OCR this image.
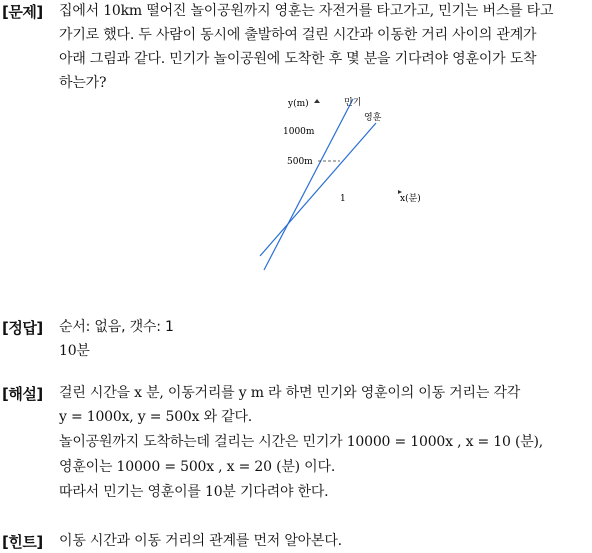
[문제] 집에서 10km 떨어진 놀이공원까지 영훈는 자전거를 타고가고, 민기는 버스를 타고
가기로 했다. 두 사람이 동시에 출발하여 걸린 시간과 이동한 거리 사이의 관계가
아래 그림과 같다. 민기가 놀이공원에 도착한 후 몇 분을 기다려야 영훈이가 도착
하는가?
y(m)	민기
영훈
1000m
500m
1	x(분)
[정답] 순서: 없음, 갯수: 1
10분
[해설] 걸린 시간을 x 분, 이동거리를 y m 라 하면 민기와 영훈이의 이동 거리는 각각
y = 1000x, y = 500x 와 같다.
놀이공원까지 도착하는데 걸리는 시간은 민기가 10000 = 1000x , x = 10 (분),
영훈이는 10000 = 500x , x = 20 (분) 이다.
따라서 민기는 영훈이를 10분 기다려야 한다.
[힌트] 이동 시간과 이동 거리의 관계를 먼저 알아본다.
